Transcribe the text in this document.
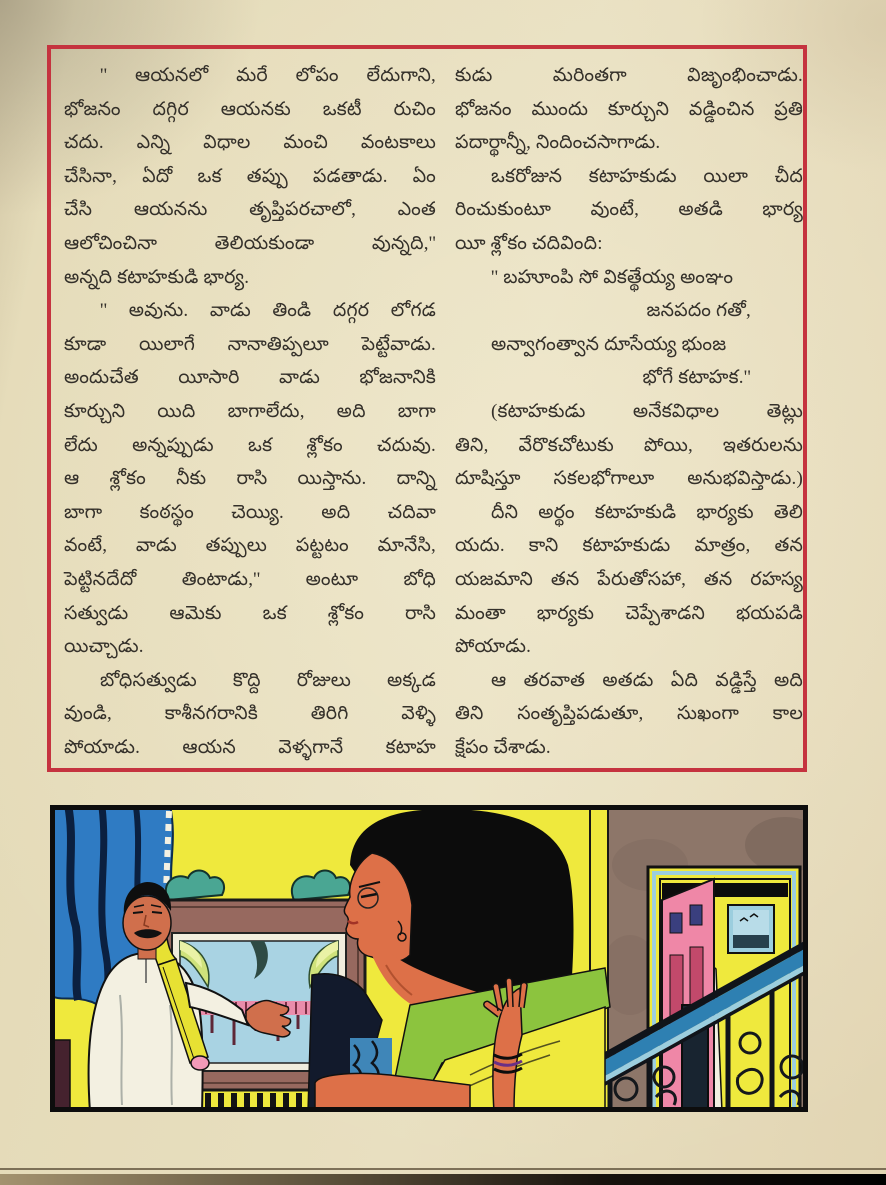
'' ఆయనలో మరే లోపం లేదుగాని,
భోజనం దగ్గిర ఆయనకు ఒకటీ రుచిం
చదు. ఎన్ని విధాల మంచి వంటకాలు
చేసినా, ఏదో ఒక తప్పు పడతాడు. ఏం
చేసి ఆయనను తృప్తిపరచాలో, ఎంత
ఆలోచించినా తెలియకుండా వున్నది,''
అన్నది కటాహకుడి భార్య.
'' అవును. వాడు తిండి దగ్గర లోగడ
కూడా యిలాగే నానాతిప్పలూ పెట్టేవాడు.
అందుచేత యీసారి వాడు భోజనానికి
కూర్చుని యిది బాగాలేదు, అది బాగా
లేదు అన్నప్పుడు ఒక శ్లోకం చదువు.
ఆ శ్లోకం నీకు రాసి యిస్తాను. దాన్ని
బాగా కంఠస్థం చెయ్యి. అది చదివా
వంటే, వాడు తప్పులు పట్టటం మానేసి,
పెట్టినదేదో తింటాడు,'' అంటూ బోధి
సత్వుడు ఆమెకు ఒక శ్లోకం రాసి
యిచ్చాడు.
బోధిసత్వుడు కొద్ది రోజులు అక్కడ
వుండి, కాశీనగరానికి తిరిగి వెళ్ళి
పోయాడు. ఆయన వెళ్ళగానే కటాహ
కుడు మరింతగా విజృంభించాడు.
భోజనం ముందు కూర్చుని వడ్డించిన ప్రతి
పదార్థాన్నీ, నిందించసాగాడు.
ఒకరోజున కటాహకుడు యిలా చీద
రించుకుంటూ వుంటే, అతడి భార్య
యీ శ్లోకం చదివింది:
'' బహూంపి సో వికత్థేయ్య అంఞం
జనపదం గతో,
అన్వాగంత్వాన దూసేయ్య భుంజ
భోగే కటాహక.''
(కటాహకుడు అనేకవిధాల తెట్లు
తిని, వేరొకచోటుకు పోయి, ఇతరులను
దూషిస్తూ సకలభోగాలూ అనుభవిస్తాడు.)
దీని అర్థం కటాహకుడి భార్యకు తెలి
యదు. కాని కటాహకుడు మాత్రం, తన
యజమాని తన పేరుతోసహా, తన రహస్య
మంతా భార్యకు చెప్పేశాడని భయపడి
పోయాడు.
ఆ తరవాత అతడు ఏది వడ్డిస్తే అది
తిని సంతృప్తిపడుతూ, సుఖంగా కాల
క్షేపం చేశాడు.
